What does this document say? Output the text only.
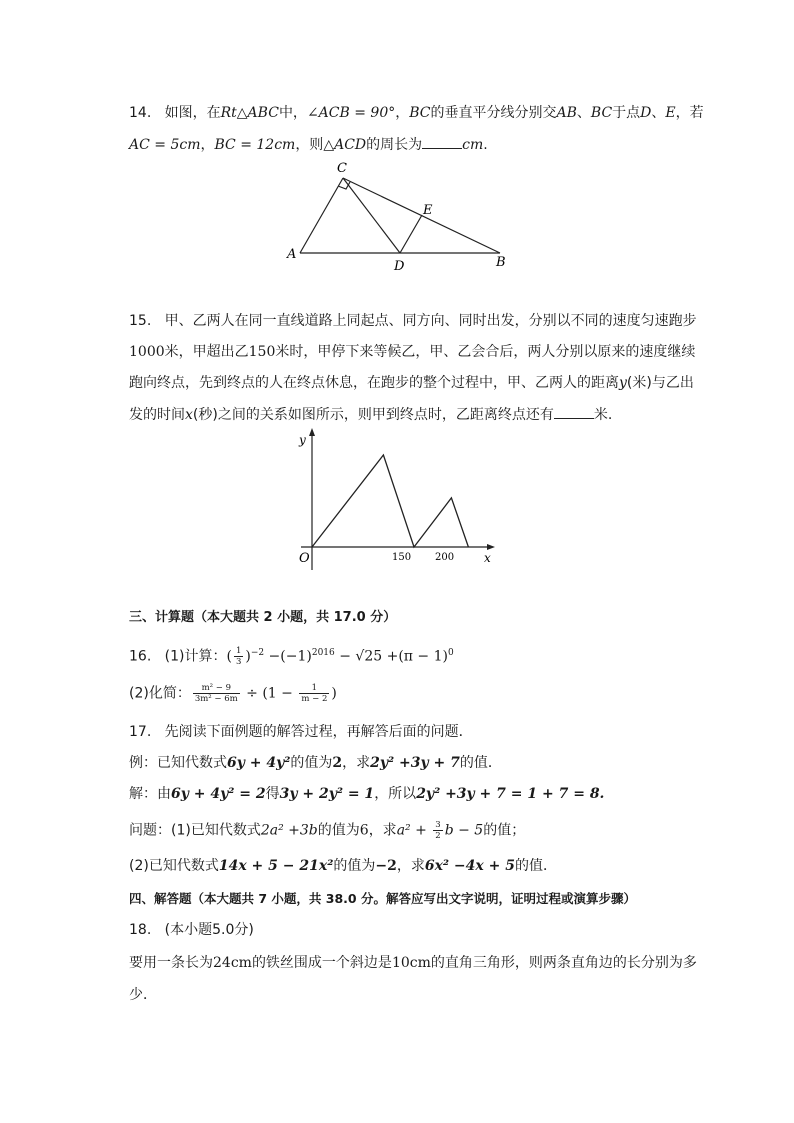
14. 如图，在Rt△ABC中，∠ACB = 90°，BC的垂直平分线分别交AB、BC于点D、E，若
AC = 5cm，BC = 12cm，则△ACD的周长为	cm.
A
C
E
D	B
15. 甲、乙两人在同一直线道路上同起点、同方向、同时出发，分别以不同的速度匀速跑步
1000米，甲超出乙150米时，甲停下来等候乙，甲、乙会合后，两人分别以原来的速度继续
跑向终点，先到终点的人在终点休息，在跑步的整个过程中，甲、乙两人的距离y(米)与乙出
发的时间x(秒)之间的关系如图所示，则甲到终点时，乙距离终点还有	米.
y
O	150 200 x
三、计算题（本大题共 2 小题，共 17.0 分）
16. (1)计算：( $\frac{1}{3} )^{-2} -(-1)^{2016} - √25 +(\pi - 1)^0$
(2)化简： $\frac{\text{m² − 9}}{\text{3m² − 6m}} \div (1 - \frac{1}{m - 2}$ )
17. 先阅读下面例题的解答过程，再解答后面的问题．
例：已知代数式6y + 4y²的值为2，求2y² +3y + 7的值．
解：由6y + 4y² = 2得3y + 2y² = 1，所以2y² +3y + 7 = 1 + 7 = 8.
问题：(1)已知代数式2a² +3b的值为6，求$a^2 + \frac{3}{2}$ b − 5的值；
(2)已知代数式14x + 5 − 21x²的值为−2，求6x² −4x + 5的值．
四、解答题（本大题共 7 小题，共 38.0 分。解答应写出文字说明，证明过程或演算步骤）
18. (本小题5.0分)
要用一条长为24cm的铁丝围成一个斜边是10cm的直角三角形，则两条直角边的长分别为多
少．
